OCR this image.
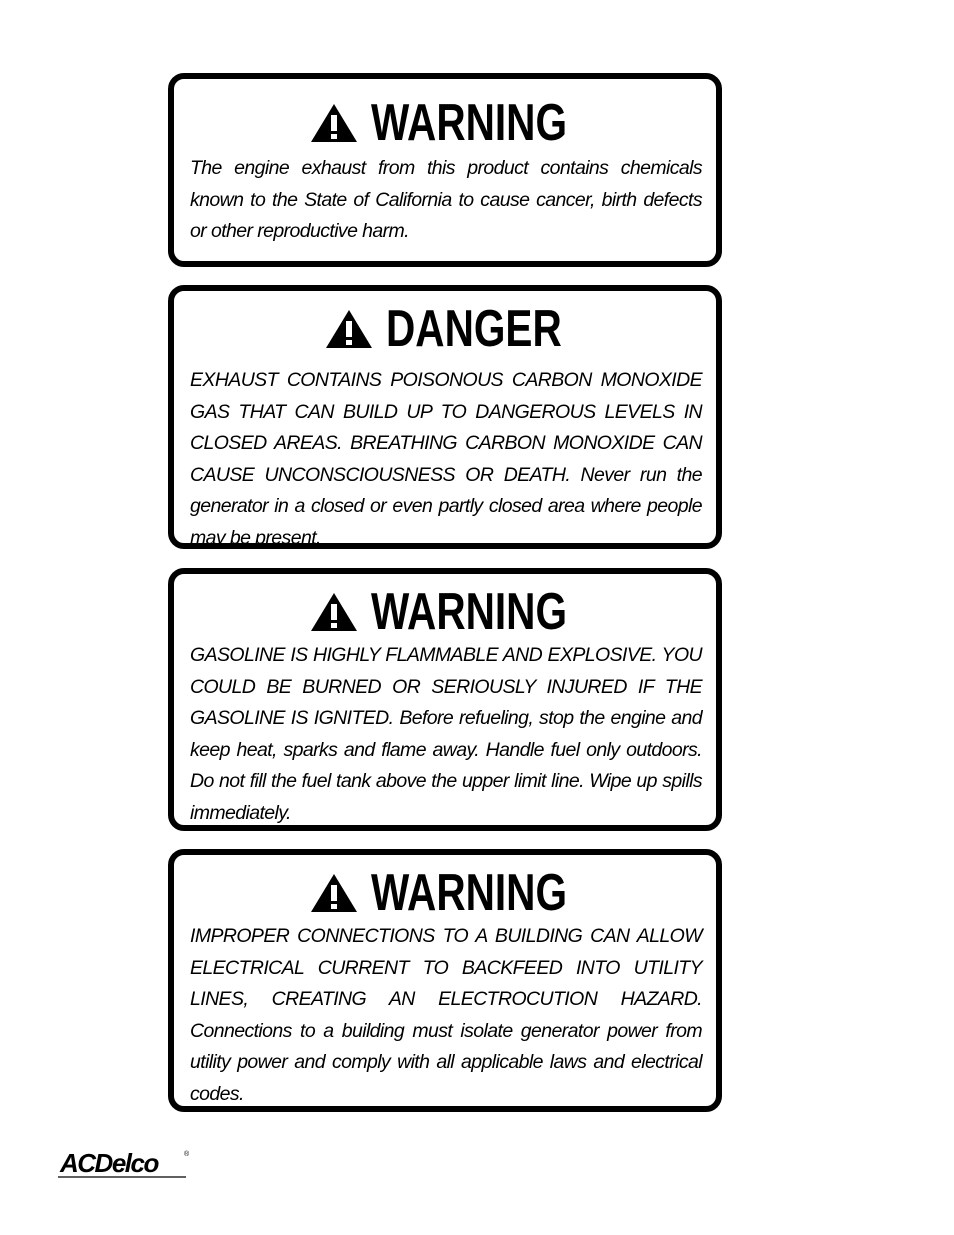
WARNING
The engine exhaust from this product contains chemicals known to the State of California to cause cancer, birth defects or other reproductive harm.
DANGER
EXHAUST CONTAINS POISONOUS CARBON MONOXIDE GAS THAT CAN BUILD UP TO DANGEROUS LEVELS IN CLOSED AREAS. BREATHING CARBON MONOXIDE CAN CAUSE UNCONSCIOUSNESS OR DEATH. Never run the generator in a closed or even partly closed area where people may be present.
WARNING
GASOLINE IS HIGHLY FLAMMABLE AND EXPLOSIVE. YOU COULD BE BURNED OR SERIOUSLY INJURED IF THE GASOLINE IS IGNITED. Before refueling, stop the engine and keep heat, sparks and flame away. Handle fuel only outdoors. Do not fill the fuel tank above the upper limit line. Wipe up spills immediately.
WARNING
IMPROPER CONNECTIONS TO A BUILDING CAN ALLOW ELECTRICAL CURRENT TO BACKFEED INTO UTILITY LINES, CREATING AN ELECTROCUTION HAZARD. Connections to a building must isolate generator power from utility power and comply with all applicable laws and electrical codes.
ACDelco	®
